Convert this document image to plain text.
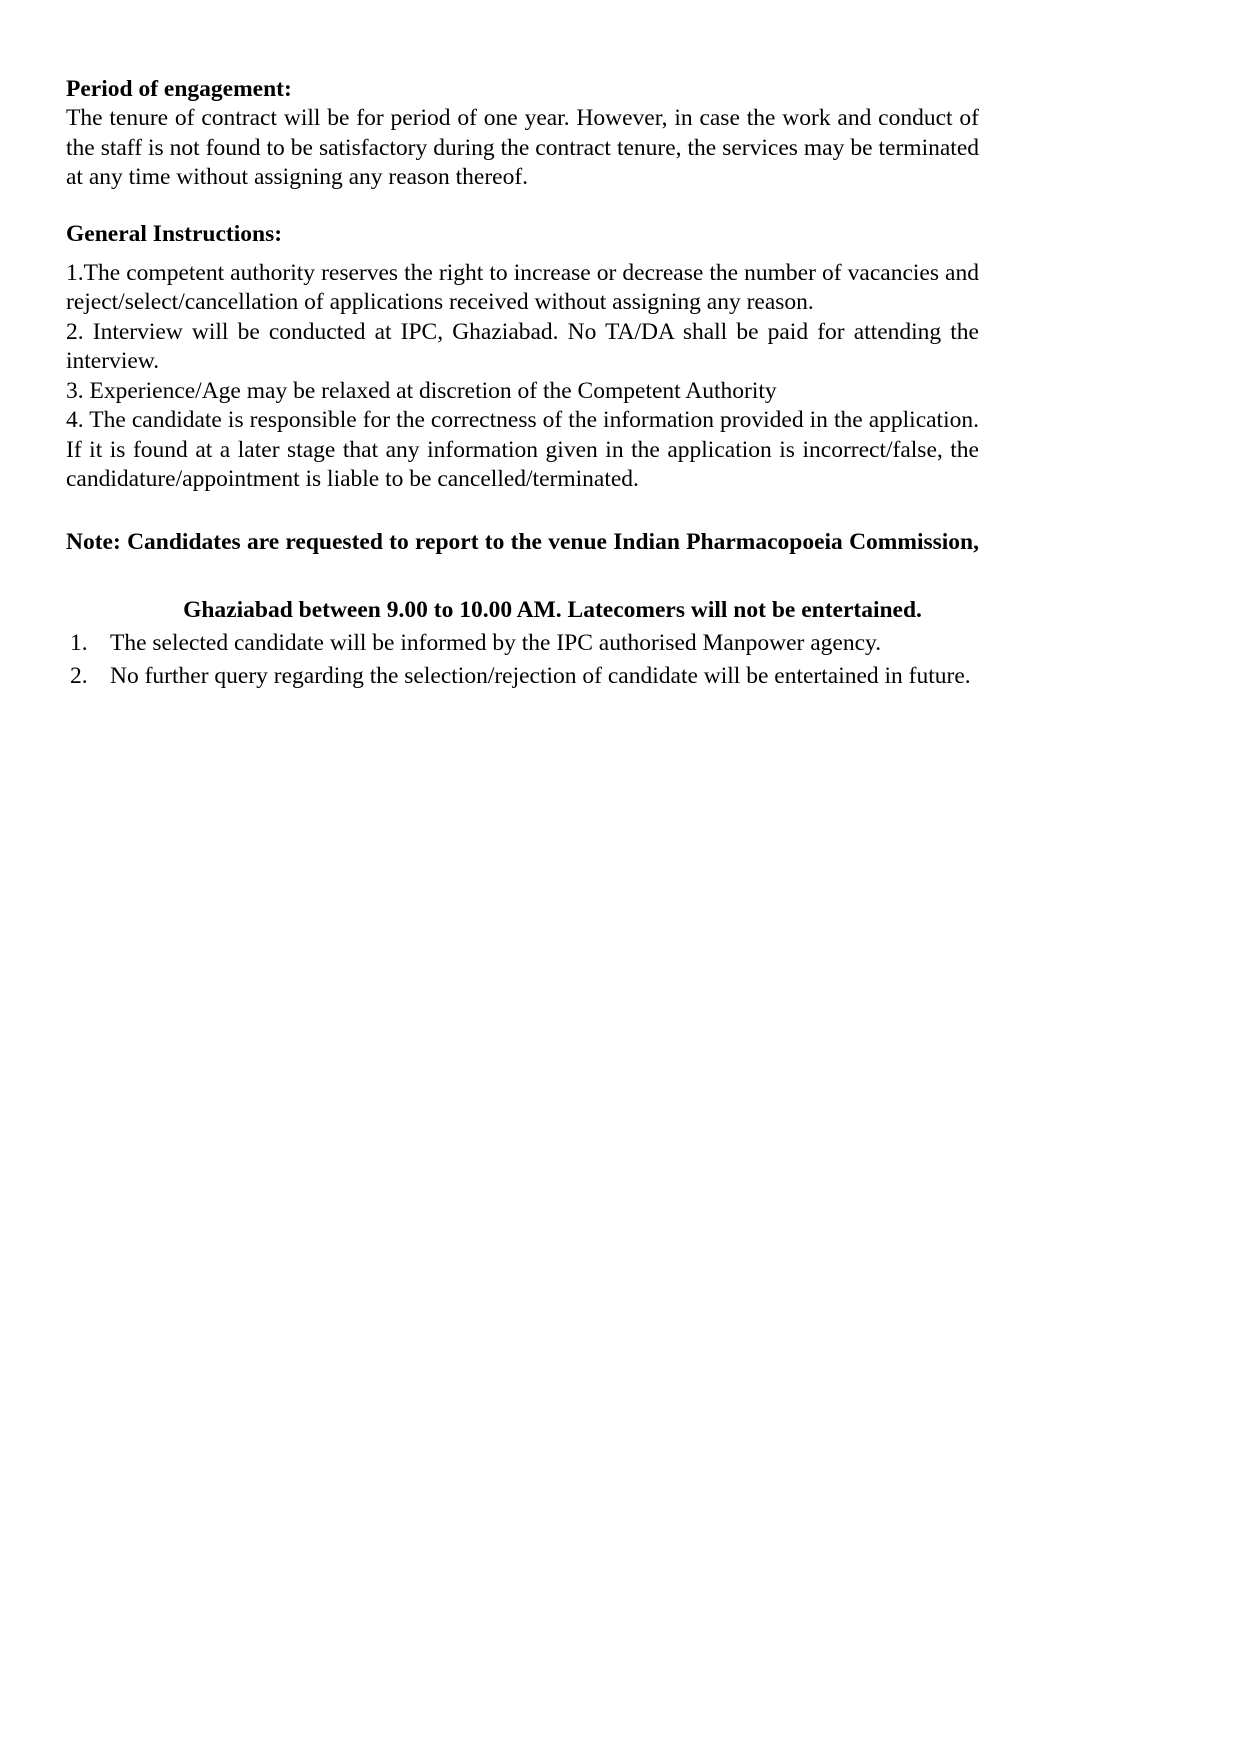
Period of engagement:

The tenure of contract will be for period of one year. However, in case the work and conduct of the staff is not found to be satisfactory during the contract tenure, the services may be terminated at any time without assigning any reason thereof.

General Instructions:

1.The competent authority reserves the right to increase or decrease the number of vacancies and reject/select/cancellation of applications received without assigning any reason.

2. Interview will be conducted at IPC, Ghaziabad. No TA/DA shall be paid for attending the interview.

3. Experience/Age may be relaxed at discretion of the Competent Authority

4. The candidate is responsible for the correctness of the information provided in the application. If it is found at a later stage that any information given in the application is incorrect/false, the candidature/appointment is liable to be cancelled/terminated.

Note: Candidates are requested to report to the venue Indian Pharmacopoeia Commission,

Ghaziabad between 9.00 to 10.00 AM. Latecomers will not be entertained.

1. The selected candidate will be informed by the IPC authorised Manpower agency.
2. No further query regarding the selection/rejection of candidate will be entertained in future.
